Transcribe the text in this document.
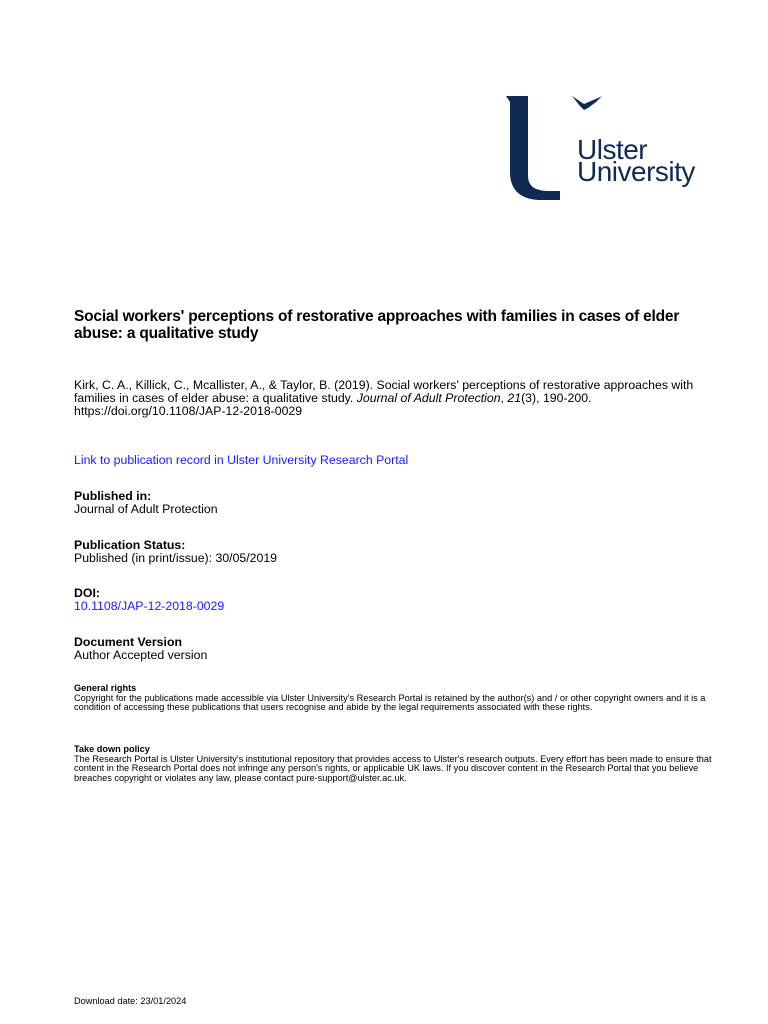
Ulster
University
Social workers' perceptions of restorative approaches with families in cases of elder abuse: a qualitative study
Kirk, C. A., Killick, C., Mcallister, A., & Taylor, B. (2019). Social workers' perceptions of restorative approaches with families in cases of elder abuse: a qualitative study. Journal of Adult Protection, 21(3), 190-200.
https://doi.org/10.1108/JAP-12-2018-0029
Link to publication record in Ulster University Research Portal
Published in:
Journal of Adult Protection
Publication Status:
Published (in print/issue): 30/05/2019
DOI:
10.1108/JAP-12-2018-0029
Document Version
Author Accepted version
General rights
Copyright for the publications made accessible via Ulster University's Research Portal is retained by the author(s) and / or other copyright owners and it is a condition of accessing these publications that users recognise and abide by the legal requirements associated with these rights.
Take down policy
The Research Portal is Ulster University's institutional repository that provides access to Ulster's research outputs. Every effort has been made to ensure that content in the Research Portal does not infringe any person's rights, or applicable UK laws. If you discover content in the Research Portal that you believe breaches copyright or violates any law, please contact pure-support@ulster.ac.uk.
Download date: 23/01/2024
